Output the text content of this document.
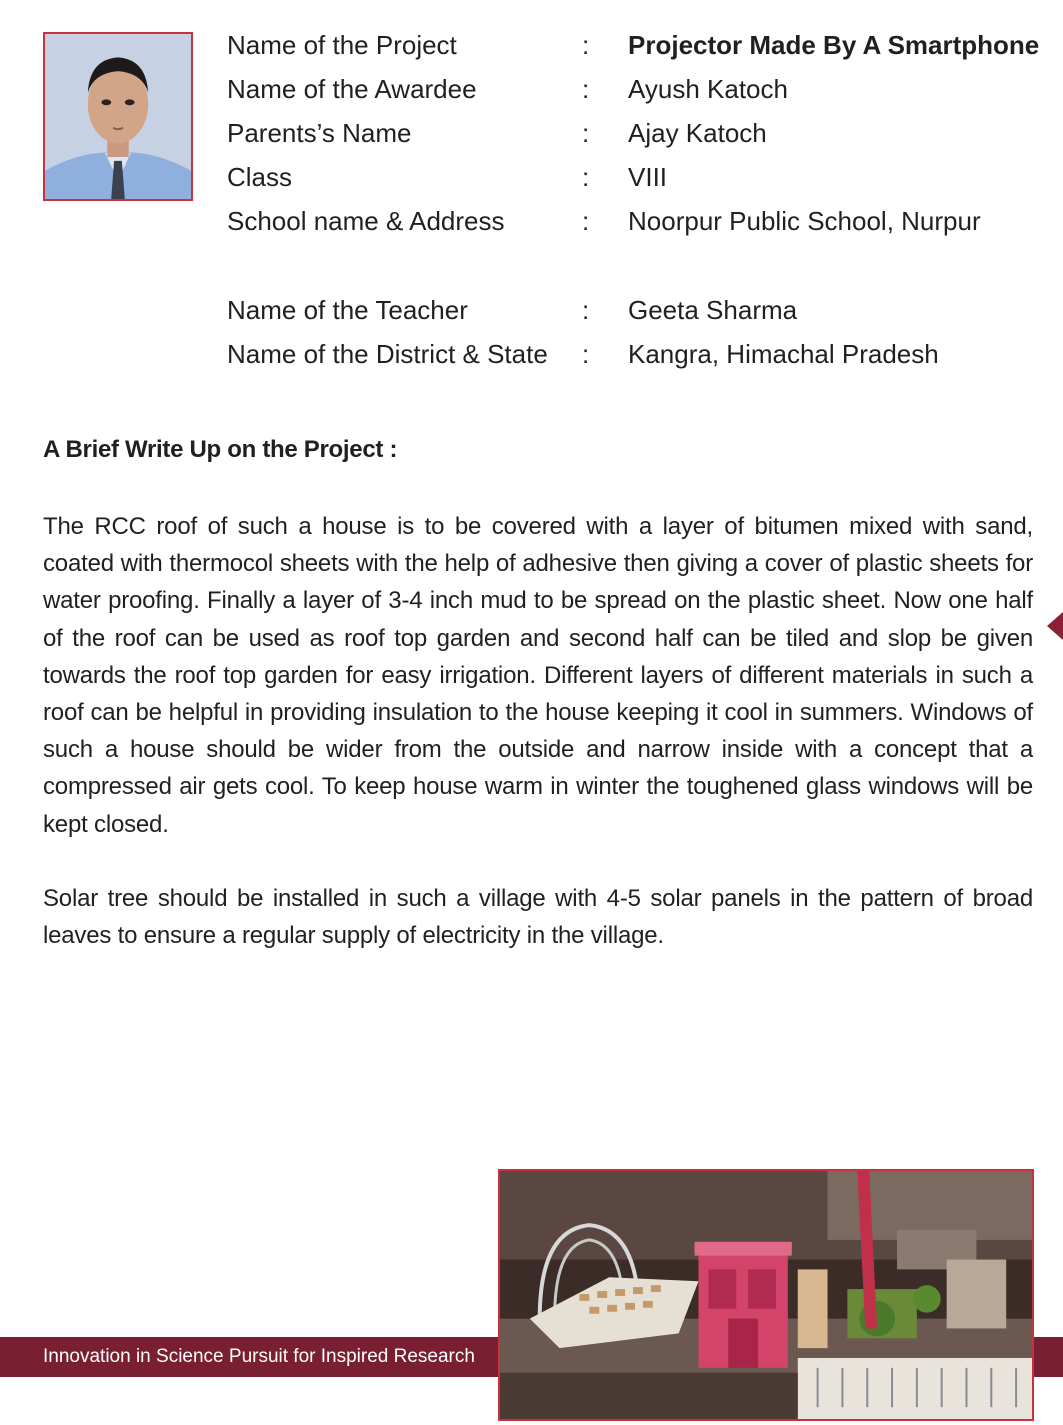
Name of the Project	: Projector Made By A Smartphone
Name of the Awardee	: Ayush Katoch
Parents’s Name	: Ajay Katoch
Class	: VIII
School name & Address	: Noorpur Public School, Nurpur
Name of the Teacher	: Geeta Sharma
Name of the District & State : Kangra, Himachal Pradesh
A Brief Write Up on the Project :

The RCC roof of such a house is to be covered with a layer of bitumen mixed with sand, coated with thermocol sheets with the help of adhesive then giving a cover of plastic sheets for water proofing. Finally a layer of 3-4 inch mud to be spread on the plastic sheet. Now one half of the roof can be used as roof top garden and second half can be tiled and slop be given towards the roof top garden for easy irrigation. Different layers of different materials in such a roof can be helpful in providing insulation to the house keeping it cool in summers. Windows of such a house should be wider from the outside and narrow inside with a concept that a compressed air gets cool. To keep house warm in winter the toughened glass windows will be kept closed.

Solar tree should be installed in such a village with 4-5 solar panels in the pattern of broad leaves to ensure a regular supply of electricity in the village.

Innovation in Science Pursuit for Inspired Research
